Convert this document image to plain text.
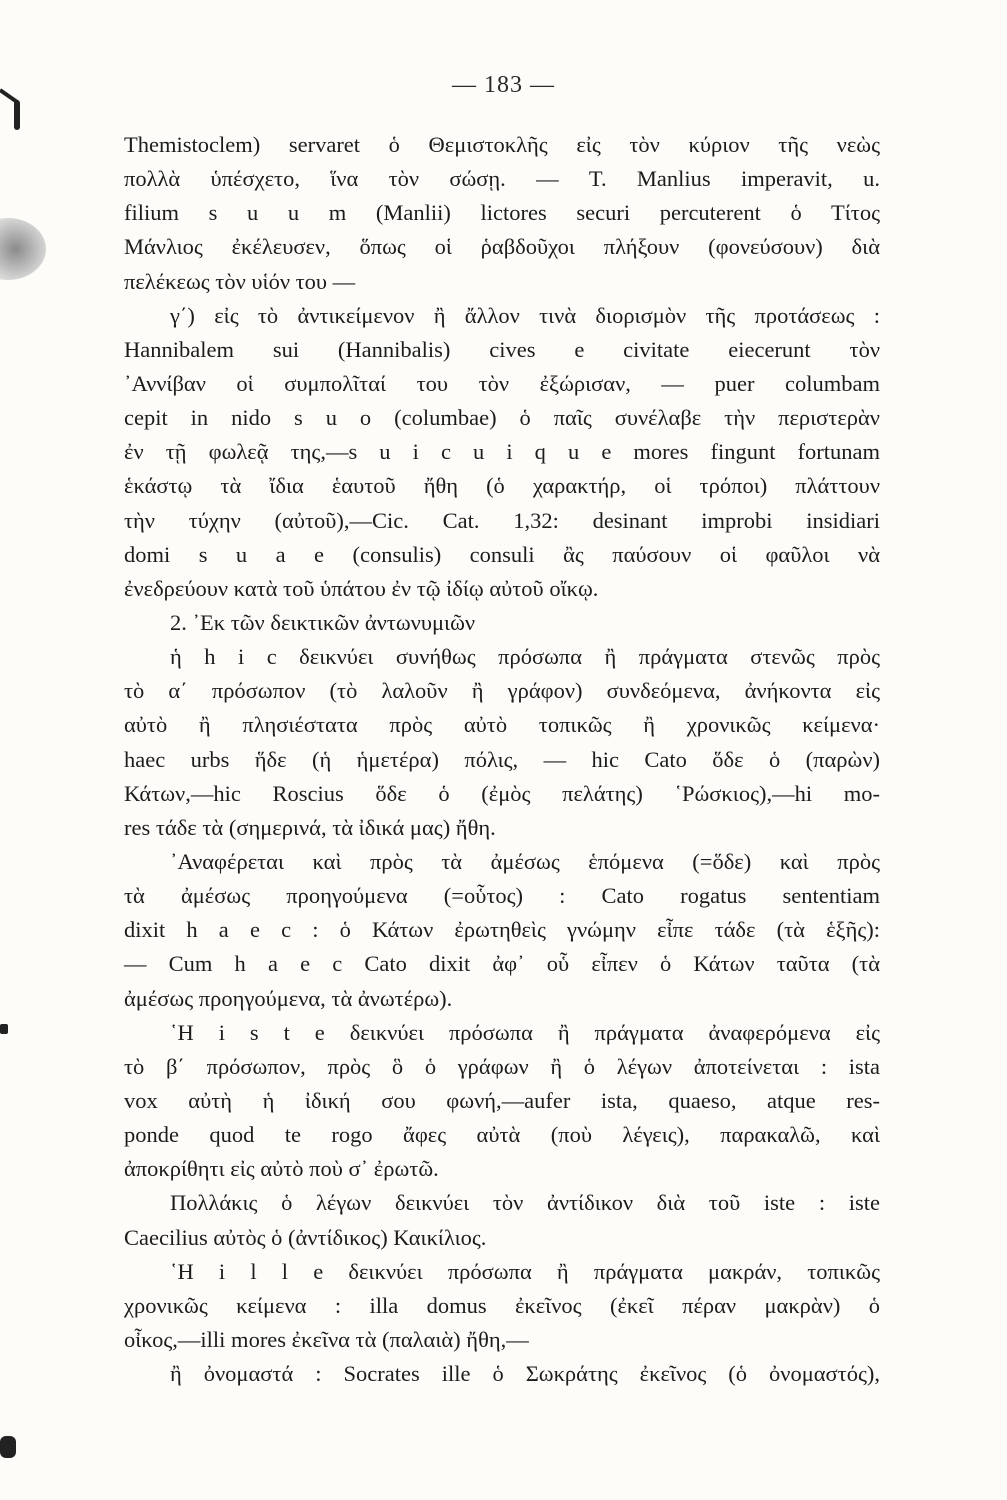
— 183 —
Themistoclem) servaret ὁ Θεμιστοκλῆς εἰς τὸν κύριον τῆς νεὼς
πολλὰ ὑπέσχετο, ἵνα τὸν σώσῃ. — T. Manlius imperavit, u.
filium s u u m (Manlii) lictores securi percuterent ὁ Τίτος
Μάνλιος ἐκέλευσεν, ὅπως οἱ ῥαβδοῦχοι πλήξουν (φονεύσουν) διὰ
πελέκεως τὸν υἱόν του —
γ΄) εἰς τὸ ἀντικείμενον ἢ ἄλλον τινὰ διορισμὸν τῆς προτάσεως :
Hannibalem sui (Hannibalis) cives e civitate eiecerunt τὸν
᾿Αννίβαν οἱ συμπολῖταί του τὸν ἐξώρισαν, — puer columbam
cepit in nido s u o (columbae) ὁ παῖς συνέλαβε τὴν περιστερὰν
ἐν τῇ φωλεᾷ της,—s u i c u i q u e mores fingunt fortunam
ἑκάστῳ τὰ ἴδια ἑαυτοῦ ἤθη (ὁ χαρακτήρ, οἱ τρόποι) πλάττουν
τὴν τύχην (αὐτοῦ),—Cic. Cat. 1,32: desinant improbi insidiari
domi s u a e (consulis) consuli ἂς παύσουν οἱ φαῦλοι νὰ
ἐνεδρεύουν κατὰ τοῦ ὑπάτου ἐν τῷ ἰδίῳ αὐτοῦ οἴκῳ.
2. ᾿Εκ τῶν δεικτικῶν ἀντωνυμιῶν
ἡ h i c δεικνύει συνήθως πρόσωπα ἢ πράγματα στενῶς πρὸς
τὸ α΄ πρόσωπον (τὸ λαλοῦν ἢ γράφον) συνδεόμενα, ἀνήκοντα εἰς
αὐτὸ ἢ πλησιέστατα πρὸς αὐτὸ τοπικῶς ἢ χρονικῶς κείμενα·
haec urbs ἥδε (ἡ ἡμετέρα) πόλις, — hic Cato ὅδε ὁ (παρὼν)
Κάτων,—hic Roscius ὅδε ὁ (ἐμὸς πελάτης) ῾Ρώσκιος),—hi mo-
res τάδε τὰ (σημερινά, τὰ ἰδικά μας) ἤθη.
᾿Αναφέρεται καὶ πρὸς τὰ ἀμέσως ἑπόμενα (=ὅδε) καὶ πρὸς
τὰ ἀμέσως προηγούμενα (=οὗτος) : Cato rogatus sententiam
dixit h a e c : ὁ Κάτων ἐρωτηθεὶς γνώμην εἶπε τάδε (τὰ ἑξῆς):
— Cum h a e c Cato dixit ἀφ᾿ οὗ εἶπεν ὁ Κάτων ταῦτα (τὰ
ἀμέσως προηγούμενα, τὰ ἀνωτέρω).
῾Η i s t e δεικνύει πρόσωπα ἢ πράγματα ἀναφερόμενα εἰς
τὸ β΄ πρόσωπον, πρὸς ὃ ὁ γράφων ἢ ὁ λέγων ἀποτείνεται : ista
vox αὐτὴ ἡ ἰδική σου φωνή,—aufer ista, quaeso, atque res-
ponde quod te rogo ἄφες αὐτὰ (ποὺ λέγεις), παρακαλῶ, καὶ
ἀποκρίθητι εἰς αὐτὸ ποὺ σ᾿ ἐρωτῶ.
Πολλάκις ὁ λέγων δεικνύει τὸν ἀντίδικον διὰ τοῦ iste : iste
Caecilius αὐτὸς ὁ (ἀντίδικος) Καικίλιος.
῾Η i l l e δεικνύει πρόσωπα ἢ πράγματα μακράν, τοπικῶς
χρονικῶς κείμενα : illa domus ἐκεῖνος (ἐκεῖ πέραν μακρὰν) ὁ
οἶκος,—illi mores ἐκεῖνα τὰ (παλαιὰ) ἤθη,—
ἢ ὀνομαστά : Socrates ille ὁ Σωκράτης ἐκεῖνος (ὁ ὀνομαστός),
